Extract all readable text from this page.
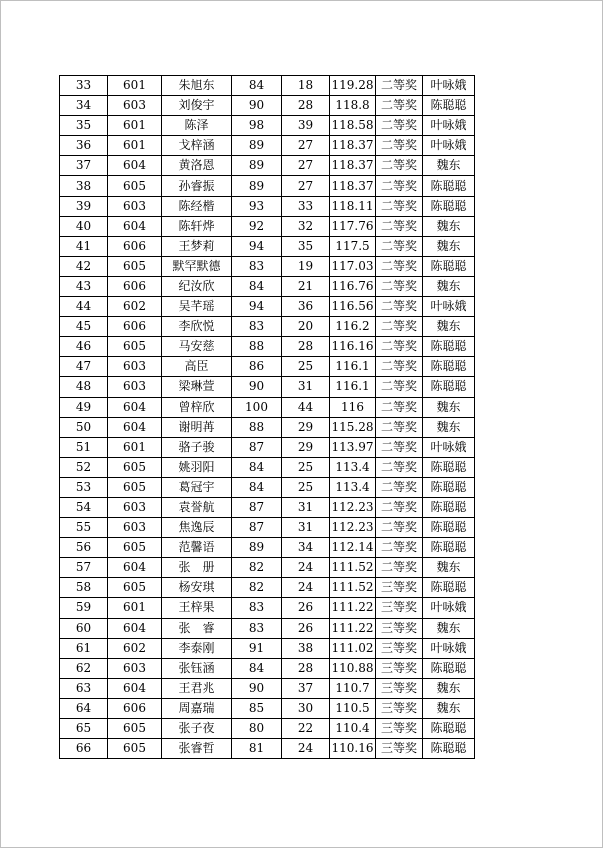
33	601	朱旭东	84	18	119.28	二等奖	叶咏娥
34	603	刘俊宇	90	28	118.8	二等奖	陈聪聪
35	601	陈泽	98	39	118.58	二等奖	叶咏娥
36	601	戈梓涵	89	27	118.37	二等奖	叶咏娥
37	604	黄洛恩	89	27	118.37	二等奖	魏东
38	605	孙睿振	89	27	118.37	二等奖	陈聪聪
39	603	陈经楷	93	33	118.11	二等奖	陈聪聪
40	604	陈轩烨	92	32	117.76	二等奖	魏东
41	606	王梦莉	94	35	117.5	二等奖	魏东
42	605	默罕默德	83	19	117.03	二等奖	陈聪聪
43	606	纪汝欣	84	21	116.76	二等奖	魏东
44	602	吴芊瑶	94	36	116.56	二等奖	叶咏娥
45	606	李欣悦	83	20	116.2	二等奖	魏东
46	605	马安慈	88	28	116.16	二等奖	陈聪聪
47	603	高臣	86	25	116.1	二等奖	陈聪聪
48	603	梁琳萱	90	31	116.1	二等奖	陈聪聪
49	604	曾梓欣	100	44	116	二等奖	魏东
50	604	谢明苒	88	29	115.28	二等奖	魏东
51	601	骆子骏	87	29	113.97	二等奖	叶咏娥
52	605	姚羽阳	84	25	113.4	二等奖	陈聪聪
53	605	葛冠宇	84	25	113.4	二等奖	陈聪聪
54	603	袁誉航	87	31	112.23	二等奖	陈聪聪
55	603	焦逸辰	87	31	112.23	二等奖	陈聪聪
56	605	范馨语	89	34	112.14	二等奖	陈聪聪
57	604	张　册	82	24	111.52	二等奖	魏东
58	605	杨安琪	82	24	111.52	三等奖	陈聪聪
59	601	王梓果	83	26	111.22	三等奖	叶咏娥
60	604	张　睿	83	26	111.22	三等奖	魏东
61	602	李泰刚	91	38	111.02	三等奖	叶咏娥
62	603	张钰涵	84	28	110.88	三等奖	陈聪聪
63	604	王君兆	90	37	110.7	三等奖	魏东
64	606	周嘉瑞	85	30	110.5	三等奖	魏东
65	605	张子夜	80	22	110.4	三等奖	陈聪聪
66	605	张睿哲	81	24	110.16	三等奖	陈聪聪
